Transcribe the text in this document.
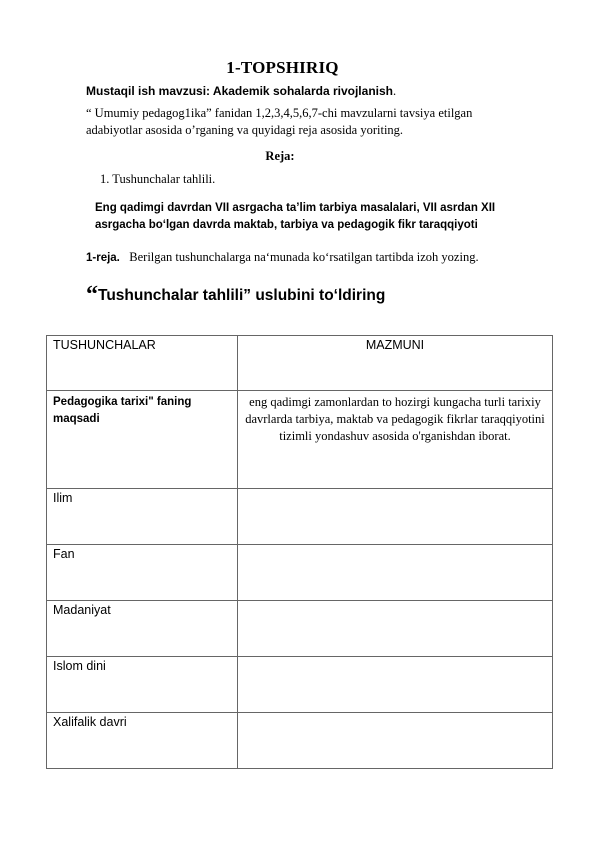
1-TOPSHIRIQ
Mustaqil ish mavzusi: Akademik sohalarda rivojlanish.
“ Umumiy pedagog1ika” fanidan 1,2,3,4,5,6,7-chi mavzularni tavsiya etilgan adabiyotlar asosida o’rganing va quyidagi reja asosida yoriting.
Reja:
1. Tushunchalar tahlili.
Eng qadimgi davrdan VII asrgacha ta’lim tarbiya masalalari, VII asrdan XII asrgacha bo‘lgan davrda maktab, tarbiya va pedagogik fikr taraqqiyoti
1-reja. Berilgan tushunchalarga na‘munada ko‘rsatilgan tartibda izoh yozing.
“Tushunchalar tahlili” uslubini to‘ldiring
TUSHUNCHALAR	MAZMUNI
Pedagogika tarixi" faning maqsadi	eng qadimgi zamonlardan to hozirgi kungacha turli tarixiy davrlarda tarbiya, maktab va pedagogik fikrlar taraqqiyotini tizimli yondashuv asosida o'rganishdan iborat.
Ilim	
Fan	
Madaniyat	
Islom dini	
Xalifalik davri	
